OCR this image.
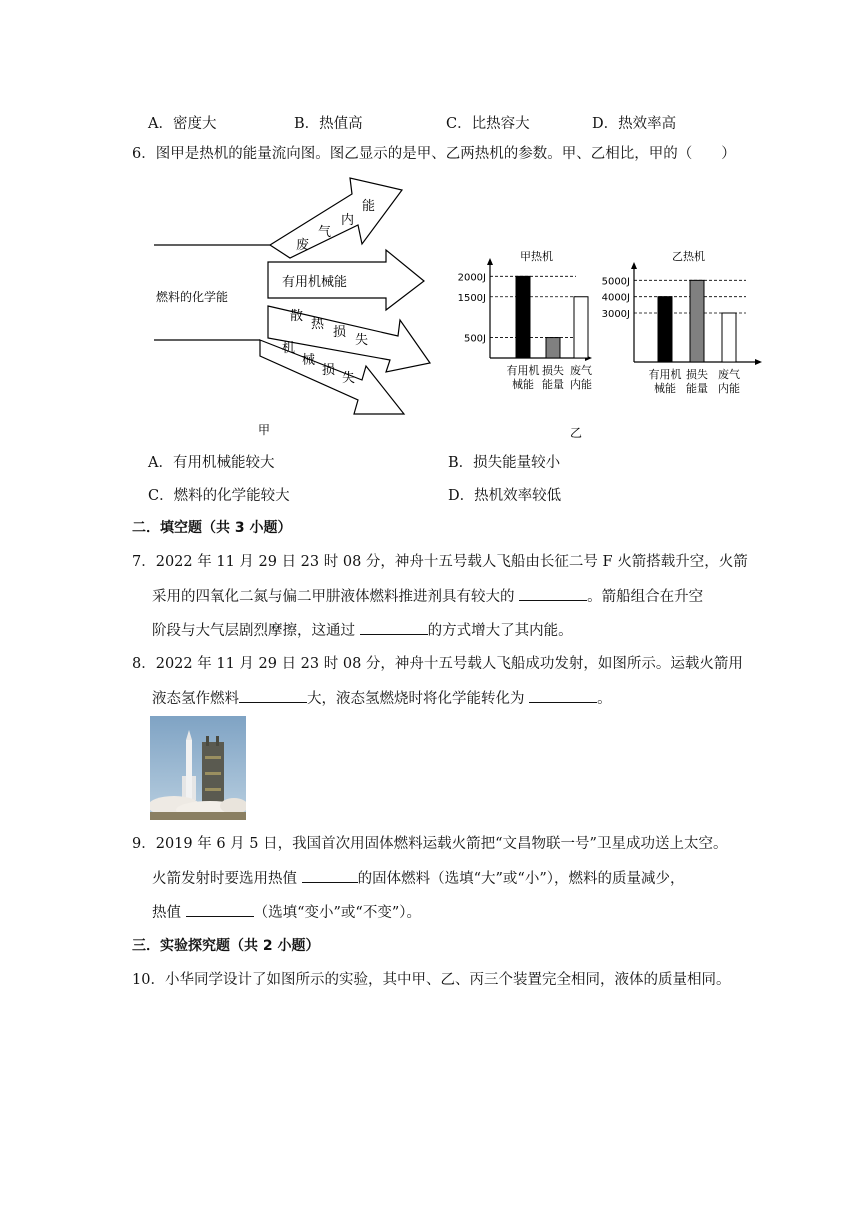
A．密度大	B．热值高	C．比热容大	D．热效率高
6．图甲是热机的能量流向图。图乙显示的是甲、乙两热机的参数。甲、乙相比，甲的（　　）
燃料的化学能
废
气
内
能
有用机械能
散
热
损
失
机
械
损
失
甲
甲热机
2000J
1500J
500J
有用机
械能
损失
能量
废气
内能
乙热机
5000J
4000J
3000J
有用机
械能
损失
能量
废气
内能
乙
A．有用机械能较大	B．损失能量较小
C．燃料的化学能较大	D．热机效率较低
二．填空题（共 3 小题）
7．2022 年 11 月 29 日 23 时 08 分，神舟十五号载人飞船由长征二号 F 火箭搭载升空，火箭
采用的四氧化二氮与偏二甲肼液体燃料推进剂具有较大的	。箭船组合在升空
阶段与大气层剧烈摩擦，这通过	的方式增大了其内能。
8．2022 年 11 月 29 日 23 时 08 分，神舟十五号载人飞船成功发射，如图所示。运载火箭用
液态氢作燃料	大，液态氢燃烧时将化学能转化为	。
9．2019 年 6 月 5 日，我国首次用固体燃料运载火箭把“文昌物联一号”卫星成功送上太空。
火箭发射时要选用热值	的固体燃料（选填“大”或“小”），燃料的质量减少，
热值	（选填“变小”或“不变”）。
三．实验探究题（共 2 小题）
10．小华同学设计了如图所示的实验，其中甲、乙、丙三个装置完全相同，液体的质量相同。
